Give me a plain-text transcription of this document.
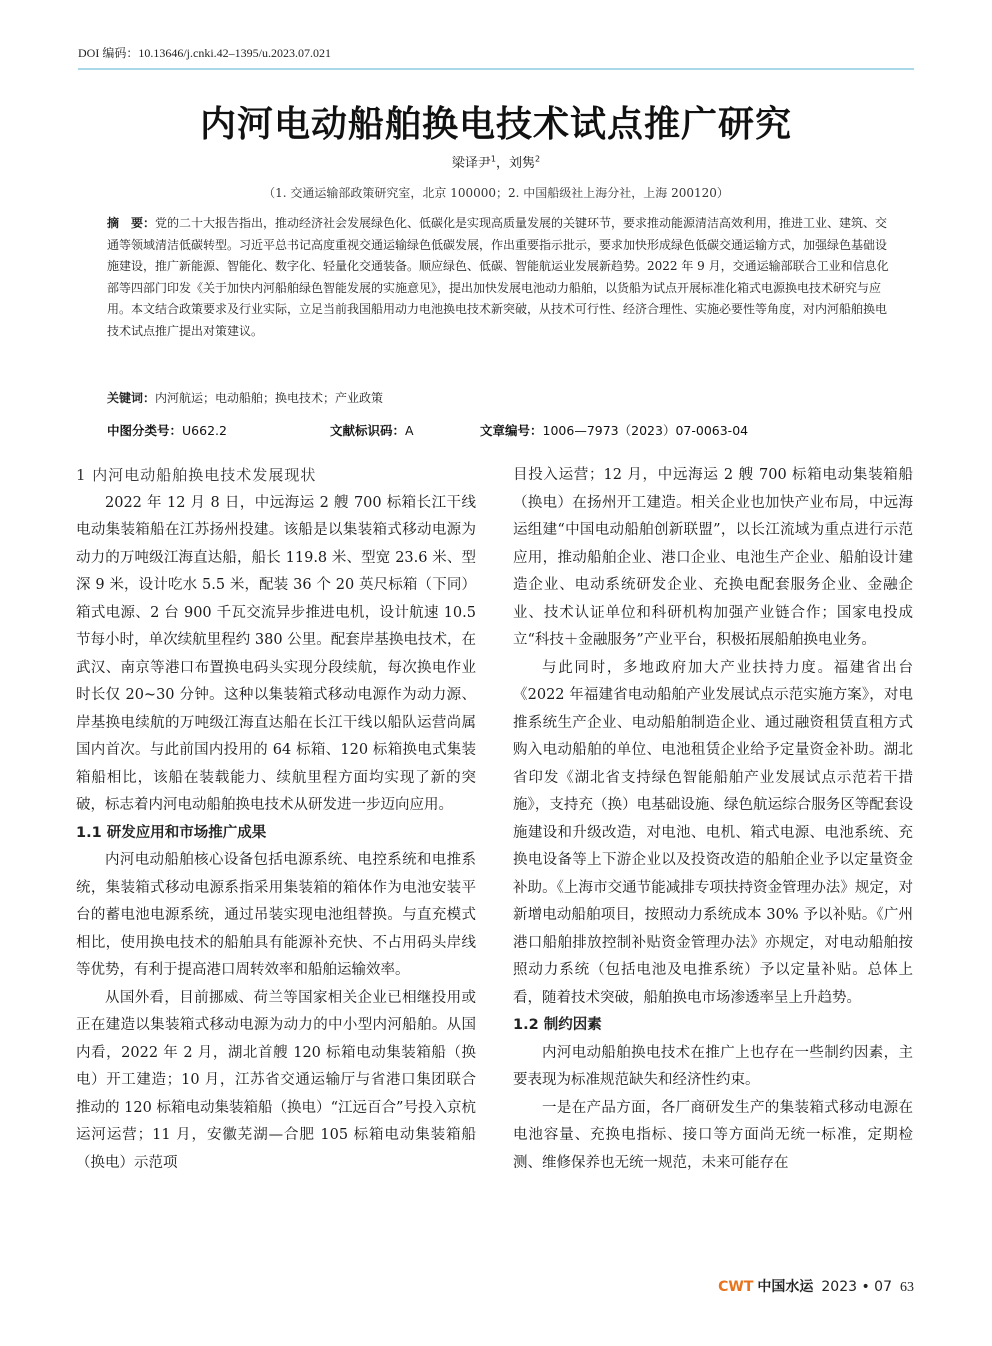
DOI 编码：10.13646/j.cnki.42–1395/u.2023.07.021
内河电动船舶换电技术试点推广研究
梁译尹$^1$，刘隽$^2$
（1. 交通运输部政策研究室，北京 100000；2. 中国船级社上海分社，上海 200120）
摘　要：党的二十大报告指出，推动经济社会发展绿色化、低碳化是实现高质量发展的关键环节，要求推动能源清洁高效利用，推进工业、建筑、交通等领域清洁低碳转型。习近平总书记高度重视交通运输绿色低碳发展，作出重要指示批示，要求加快形成绿色低碳交通运输方式，加强绿色基础设施建设，推广新能源、智能化、数字化、轻量化交通装备。顺应绿色、低碳、智能航运业发展新趋势。2022 年 9 月，交通运输部联合工业和信息化部等四部门印发《关于加快内河船舶绿色智能发展的实施意见》，提出加快发展电池动力船舶，以货船为试点开展标准化箱式电源换电技术研究与应用。本文结合政策要求及行业实际，立足当前我国船用动力电池换电技术新突破，从技术可行性、经济合理性、实施必要性等角度，对内河船舶换电技术试点推广提出对策建议。
关键词：内河航运；电动船舶；换电技术；产业政策
中图分类号：U662.2	文献标识码：A	文章编号：1006—7973（2023）07-0063-04
1 内河电动船舶换电技术发展现状

2022 年 12 月 8 日，中远海运 2 艘 700 标箱长江干线电动集装箱船在江苏扬州投建。该船是以集装箱式移动电源为动力的万吨级江海直达船，船长 119.8 米、型宽 23.6 米、型深 9 米，设计吃水 5.5 米，配装 36 个 20 英尺标箱（下同）箱式电源、2 台 900 千瓦交流异步推进电机，设计航速 10.5 节每小时，单次续航里程约 380 公里。配套岸基换电技术，在武汉、南京等港口布置换电码头实现分段续航，每次换电作业时长仅 20~30 分钟。这种以集装箱式移动电源作为动力源、岸基换电续航的万吨级江海直达船在长江干线以船队运营尚属国内首次。与此前国内投用的 64 标箱、120 标箱换电式集装箱船相比，该船在装载能力、续航里程方面均实现了新的突破，标志着内河电动船舶换电技术从研发进一步迈向应用。

1.1 研发应用和市场推广成果

内河电动船舶核心设备包括电源系统、电控系统和电推系统，集装箱式移动电源系指采用集装箱的箱体作为电池安装平台的蓄电池电源系统，通过吊装实现电池组替换。与直充模式相比，使用换电技术的船舶具有能源补充快、不占用码头岸线等优势，有利于提高港口周转效率和船舶运输效率。

从国外看，目前挪威、荷兰等国家相关企业已相继投用或正在建造以集装箱式移动电源为动力的中小型内河船舶。从国内看，2022 年 2 月，湖北首艘 120 标箱电动集装箱船（换电）开工建造；10 月，江苏省交通运输厅与省港口集团联合推动的 120 标箱电动集装箱船（换电）“江远百合”号投入京杭运河运营；11 月，安徽芜湖—合肥 105 标箱电动集装箱船（换电）示范项

目投入运营；12 月，中远海运 2 艘 700 标箱电动集装箱船（换电）在扬州开工建造。相关企业也加快产业布局，中远海运组建“中国电动船舶创新联盟”，以长江流域为重点进行示范应用，推动船舶企业、港口企业、电池生产企业、船舶设计建造企业、电动系统研发企业、充换电配套服务企业、金融企业、技术认证单位和科研机构加强产业链合作；国家电投成立“科技＋金融服务”产业平台，积极拓展船舶换电业务。

与此同时，多地政府加大产业扶持力度。福建省出台《2022 年福建省电动船舶产业发展试点示范实施方案》，对电推系统生产企业、电动船舶制造企业、通过融资租赁直租方式购入电动船舶的单位、电池租赁企业给予定量资金补助。湖北省印发《湖北省支持绿色智能船舶产业发展试点示范若干措施》，支持充（换）电基础设施、绿色航运综合服务区等配套设施建设和升级改造，对电池、电机、箱式电源、电池系统、充换电设备等上下游企业以及投资改造的船舶企业予以定量资金补助。《上海市交通节能减排专项扶持资金管理办法》规定，对新增电动船舶项目，按照动力系统成本 30% 予以补贴。《广州港口船舶排放控制补贴资金管理办法》亦规定，对电动船舶按照动力系统（包括电池及电推系统）予以定量补贴。总体上看，随着技术突破，船舶换电市场渗透率呈上升趋势。

1.2 制约因素

内河电动船舶换电技术在推广上也存在一些制约因素，主要表现为标准规范缺失和经济性约束。

一是在产品方面，各厂商研发生产的集装箱式移动电源在电池容量、充换电指标、接口等方面尚无统一标准，定期检测、维修保养也无统一规范，未来可能存在

CWT 中国水运 2023 • 07 63
